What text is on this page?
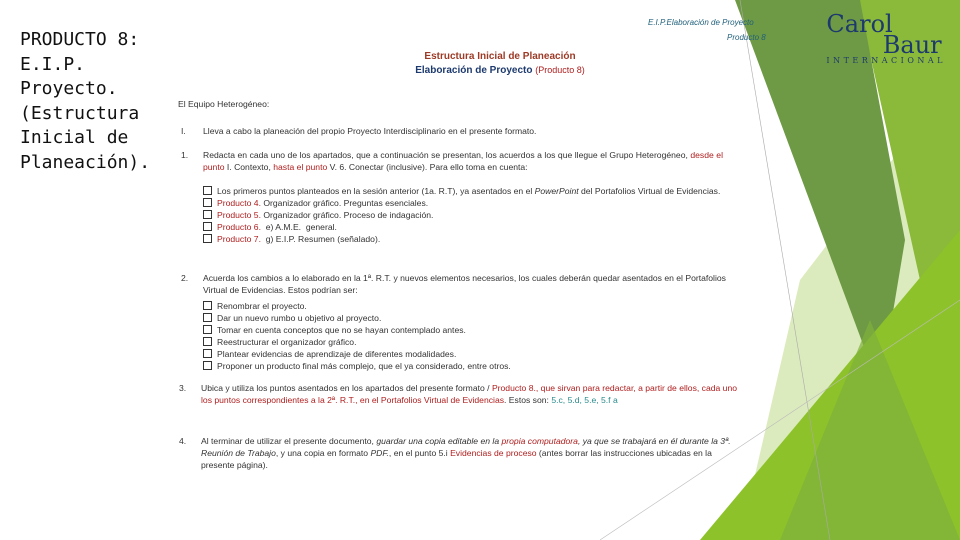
PRODUCTO 8: E.I.P. Proyecto. (Estructura Inicial de Planeación).
E.I.P.Elaboración de Proyecto
Producto 8	Carol
Baur
INTERNACIONAL
Estructura Inicial de Planeación
Elaboración de Proyecto (Producto 8)
El Equipo Heterogéneo:
I. Lleva a cabo la planeación del propio Proyecto Interdisciplinario en el presente formato.
1. Redacta en cada uno de los apartados, que a continuación se presentan, los acuerdos a los que llegue el Grupo Heterogéneo, desde el punto I. Contexto, hasta el punto V. 6. Conectar (inclusive). Para ello toma en cuenta:
Los primeros puntos planteados en la sesión anterior (1a. R.T), ya asentados en el PowerPoint del Portafolios Virtual de Evidencias.
Producto 4. Organizador gráfico. Preguntas esenciales.
Producto 5. Organizador gráfico. Proceso de indagación.
Producto 6.  e) A.M.E.  general.
Producto 7.  g) E.I.P. Resumen (señalado).
2. Acuerda los cambios a lo elaborado en la 1ª. R.T. y nuevos elementos necesarios, los cuales deberán quedar asentados en el Portafolios Virtual de Evidencias. Estos podrían ser:
Renombrar el proyecto.
Dar un nuevo rumbo u objetivo al proyecto.
Tomar en cuenta conceptos que no se hayan contemplado antes.
Reestructurar el organizador gráfico.
Plantear evidencias de aprendizaje de diferentes modalidades.
Proponer un producto final más complejo, que el ya considerado, entre otros.
3. Ubica y utiliza los puntos asentados en los apartados del presente formato / Producto 8., que sirvan para redactar, a partir de ellos, cada uno los puntos correspondientes a la 2ª. R.T., en el Portafolios Virtual de Evidencias. Estos son: 5.c, 5.d, 5.e, 5.f a
4. Al terminar de utilizar el presente documento, guardar una copia editable en la propia computadora, ya que se trabajará en él durante la 3ª. Reunión de Trabajo, y una copia en formato PDF., en el punto 5.i Evidencias de proceso (antes borrar las instrucciones ubicadas en la presente página).
